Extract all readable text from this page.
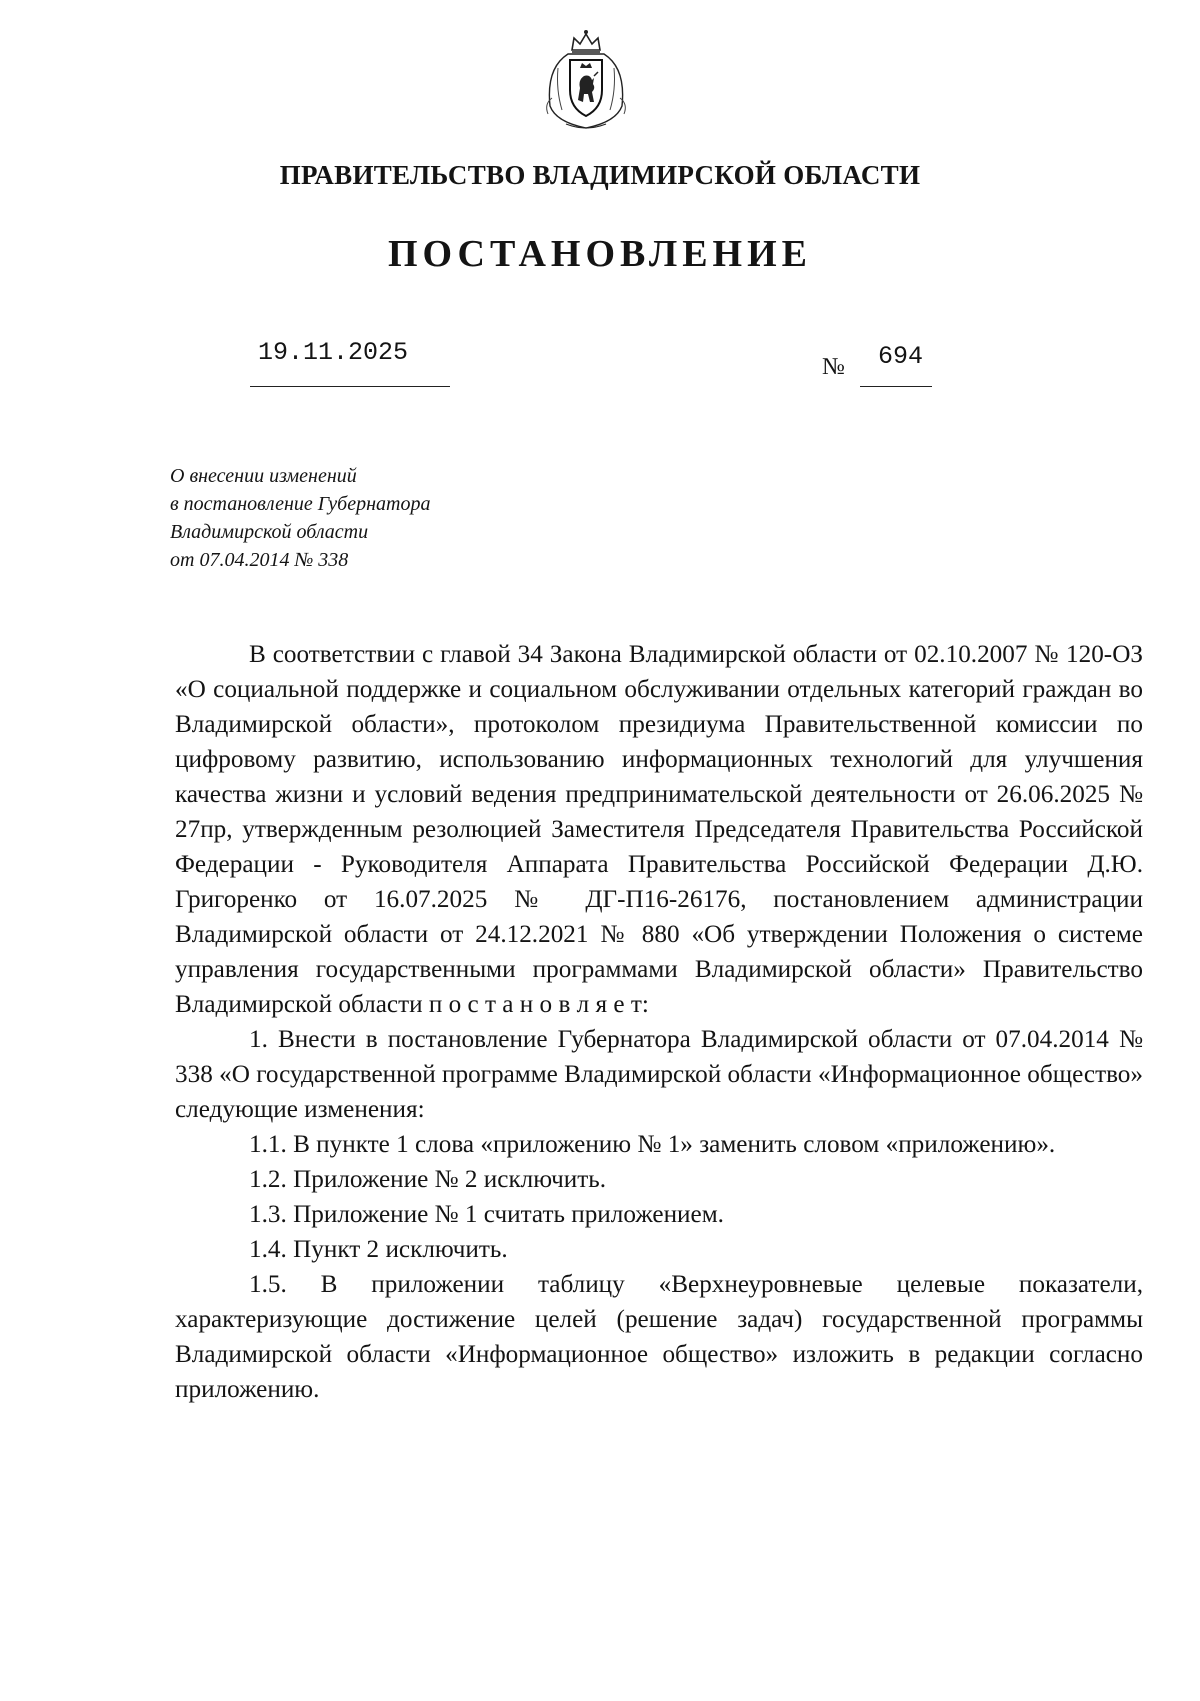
ПРАВИТЕЛЬСТВО ВЛАДИМИРСКОЙ ОБЛАСТИ
ПОСТАНОВЛЕНИЕ
19.11.2025	№ 694
О внесении изменений
в постановление Губернатора
Владимирской области
от 07.04.2014 № 338

В соответствии с главой 34 Закона Владимирской области от 02.10.2007 № 120-ОЗ «О социальной поддержке и социальном обслуживании отдельных категорий граждан во Владимирской области», протоколом президиума Правительственной комиссии по цифровому развитию, использованию информационных технологий для улучшения качества жизни и условий ведения предпринимательской деятельности от 26.06.2025 № 27пр, утвержденным резолюцией Заместителя Председателя Правительства Российской Федерации - Руководителя Аппарата Правительства Российской Федерации Д.Ю. Григоренко от 16.07.2025 № ДГ-П16-26176, постановлением администрации Владимирской области от 24.12.2021 № 880 «Об утверждении Положения о системе управления государственными программами Владимирской области» Правительство Владимирской области п о с т а н о в л я е т:

1. Внести в постановление Губернатора Владимирской области от 07.04.2014 № 338 «О государственной программе Владимирской области «Информационное общество» следующие изменения:

1.1. В пункте 1 слова «приложению № 1» заменить словом «приложению».

1.2. Приложение № 2 исключить.

1.3. Приложение № 1 считать приложением.

1.4. Пункт 2 исключить.

1.5. В приложении таблицу «Верхнеуровневые целевые показатели, характеризующие достижение целей (решение задач) государственной программы Владимирской области «Информационное общество» изложить в редакции согласно приложению.
